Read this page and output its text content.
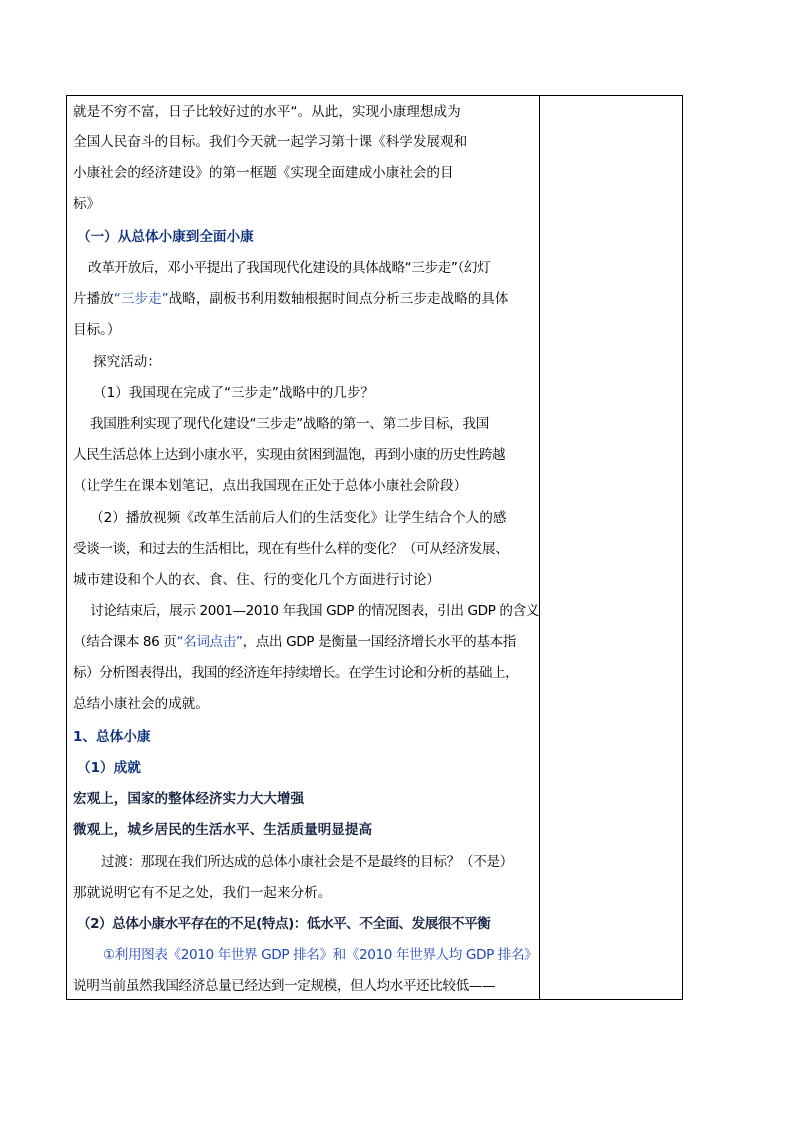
就是不穷不富，日子比较好过的水平“。从此，实现小康理想成为
全国人民奋斗的目标。我们今天就一起学习第十课《科学发展观和
小康社会的经济建设》的第一框题《实现全面建成小康社会的目
标》
（一）从总体小康到全面小康
改革开放后，邓小平提出了我国现代化建设的具体战略“三步走”（幻灯
片播放“三步走”战略，副板书利用数轴根据时间点分析三步走战略的具体
目标。）
探究活动：
（1）我国现在完成了“三步走”战略中的几步？
我国胜利实现了现代化建设“三步走”战略的第一、第二步目标，我国
人民生活总体上达到小康水平，实现由贫困到温饱，再到小康的历史性跨越
（让学生在课本划笔记，点出我国现在正处于总体小康社会阶段）
（2）播放视频《改革生活前后人们的生活变化》让学生结合个人的感
受谈一谈，和过去的生活相比，现在有些什么样的变化？（可从经济发展、
城市建设和个人的衣、食、住、行的变化几个方面进行讨论）
讨论结束后，展示 2001—2010 年我国 GDP 的情况图表，引出 GDP 的含义
（结合课本 86 页“名词点击”，点出 GDP 是衡量一国经济增长水平的基本指
标）分析图表得出，我国的经济连年持续增长。在学生讨论和分析的基础上，
总结小康社会的成就。
1、总体小康
（1）成就
宏观上，国家的整体经济实力大大增强
微观上，城乡居民的生活水平、生活质量明显提高
过渡：那现在我们所达成的总体小康社会是不是最终的目标？（不是）
那就说明它有不足之处，我们一起来分析。
（2）总体小康水平存在的不足(特点)：低水平、不全面、发展很不平衡
①利用图表《2010 年世界 GDP 排名》和《2010 年世界人均 GDP 排名》
说明当前虽然我国经济总量已经达到一定规模，但人均水平还比较低——
